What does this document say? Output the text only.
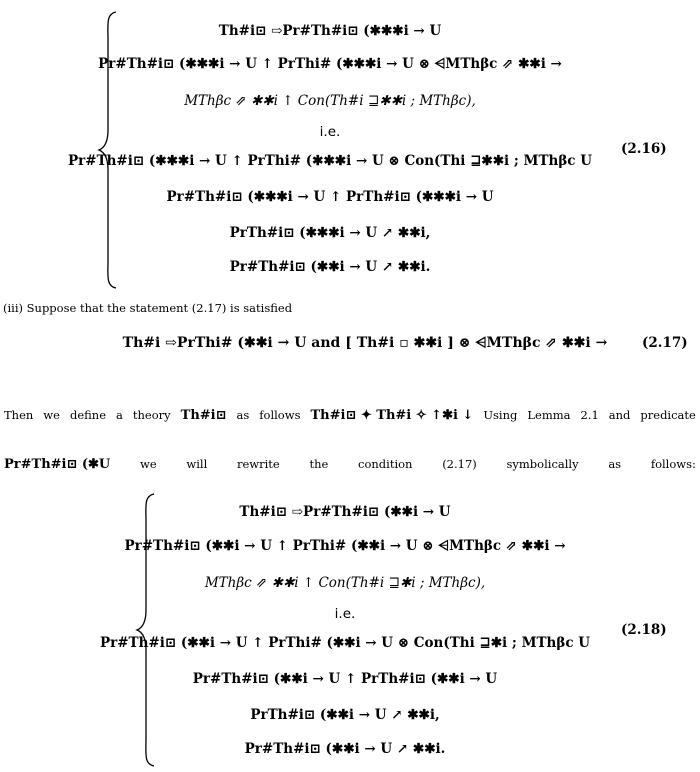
Th#i⊡ ⇨Pr#Th#i⊡ (✱✱✱i → U
Pr#Th#i⊡ (✱✱✱i → U ↑ PrThi# (✱✱✱i → U ⊗ ⩤MThβc ⇗ ✱✱i →
MThβc ⇗ ✱✱i ↑ Con(Th#i ⊒✱✱i ; MThβc),
i.e.
Pr#Th#i⊡ (✱✱✱i → U ↑ PrThi# (✱✱✱i → U ⊗ Con(Thi ⊒✱✱i ; MThβc U
Pr#Th#i⊡ (✱✱✱i → U ↑ PrTh#i⊡ (✱✱✱i → U
PrTh#i⊡ (✱✱✱i → U ↗ ✱✱i,
Pr#Th#i⊡ (✱✱i → U ↗ ✱✱i.
(2.16)
(iii) Suppose that the statement (2.17) is satisfied
Th#i ⇨PrThi# (✱✱i → U and [ Th#i ▫ ✱✱i ] ⊗ ⩤MThβc ⇗ ✱✱i →	(2.17)
Then we define a theory Th#i⊡ as follows Th#i⊡ ✦ Th#i ✧ ↑✱i ↓ Using Lemma 2.1 and predicate
Pr#Th#i⊡ (✱U	we	will	rewrite	the	condition	(2.17)	symbolically	as	follows:
Th#i⊡ ⇨Pr#Th#i⊡ (✱✱i → U
Pr#Th#i⊡ (✱✱i → U ↑ PrThi# (✱✱i → U ⊗ ⩤MThβc ⇗ ✱✱i →
MThβc ⇗ ✱✱i ↑ Con(Th#i ⊒✱i ; MThβc),
i.e.
Pr#Th#i⊡ (✱✱i → U ↑ PrThi# (✱✱i → U ⊗ Con(Thi ⊒✱i ; MThβc U
Pr#Th#i⊡ (✱✱i → U ↑ PrTh#i⊡ (✱✱i → U
PrTh#i⊡ (✱✱i → U ↗ ✱✱i,
Pr#Th#i⊡ (✱✱i → U ↗ ✱✱i.
(2.18)
